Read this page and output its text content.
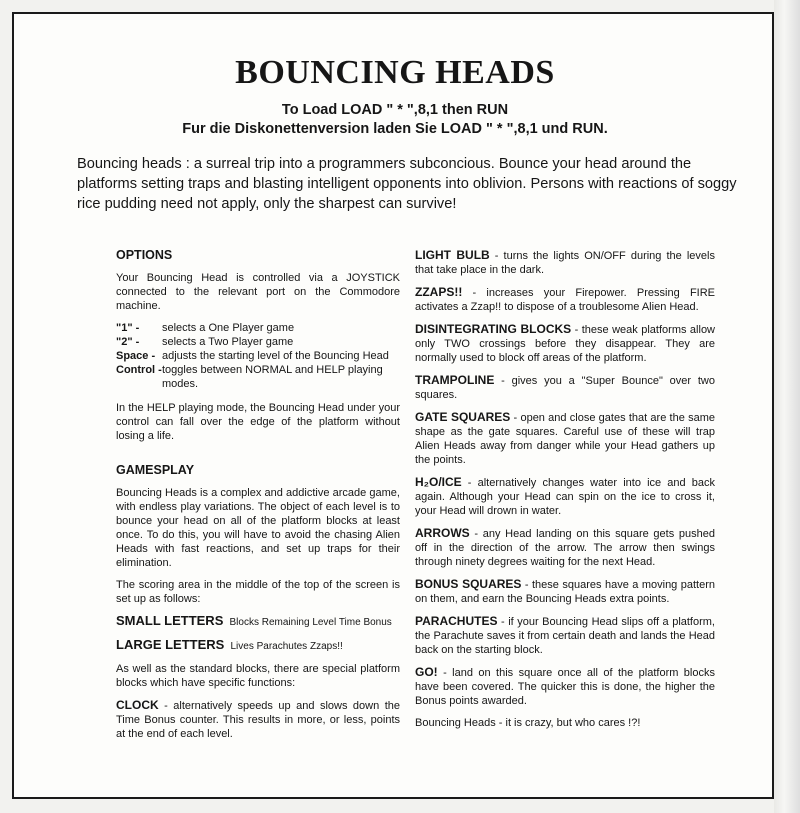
BOUNCING HEADS
To Load LOAD " * ",8,1 then RUN
Fur die Diskonettenversion laden Sie LOAD " * ",8,1 und RUN.
Bouncing heads : a surreal trip into a programmers subconcious. Bounce your head around the platforms setting traps and blasting intelligent opponents into oblivion. Persons with reactions of soggy rice pudding need not apply, only the sharpest can survive!
OPTIONS

Your Bouncing Head is controlled via a JOYSTICK connected to the relevant port on the Commodore machine.

"1" -	selects a One Player game
"2" -	selects a Two Player game
Space - adjusts the starting level of the Bouncing Head
Control - toggles between NORMAL and HELP playing modes.

In the HELP playing mode, the Bouncing Head under your control can fall over the edge of the platform without losing a life.

GAMESPLAY

Bouncing Heads is a complex and addictive arcade game, with endless play variations. The object of each level is to bounce your head on all of the platform blocks at least once. To do this, you will have to avoid the chasing Alien Heads with fast reactions, and set up traps for their elimination.

The scoring area in the middle of the top of the screen is set up as follows:

SMALL LETTERS Blocks Remaining Level Time Bonus

LARGE LETTERS Lives Parachutes Zzaps!!

As well as the standard blocks, there are special platform blocks which have specific functions:

CLOCK - alternatively speeds up and slows down the Time Bonus counter. This results in more, or less, points at the end of each level.

LIGHT BULB - turns the lights ON/OFF during the levels that take place in the dark.

ZZAPS!! - increases your Firepower. Pressing FIRE activates a Zzap!! to dispose of a troublesome Alien Head.

DISINTEGRATING BLOCKS - these weak platforms allow only TWO crossings before they disappear. They are normally used to block off areas of the platform.

TRAMPOLINE - gives you a "Super Bounce" over two squares.

GATE SQUARES - open and close gates that are the same shape as the gate squares. Careful use of these will trap Alien Heads away from danger while your Head gathers up the points.

H₂O/ICE - alternatively changes water into ice and back again. Although your Head can spin on the ice to cross it, your Head will drown in water.

ARROWS - any Head landing on this square gets pushed off in the direction of the arrow. The arrow then swings through ninety degrees waiting for the next Head.

BONUS SQUARES - these squares have a moving pattern on them, and earn the Bouncing Heads extra points.

PARACHUTES - if your Bouncing Head slips off a platform, the Parachute saves it from certain death and lands the Head back on the starting block.

GO! - land on this square once all of the platform blocks have been covered. The quicker this is done, the higher the Bonus points awarded.

Bouncing Heads - it is crazy, but who cares !?!
